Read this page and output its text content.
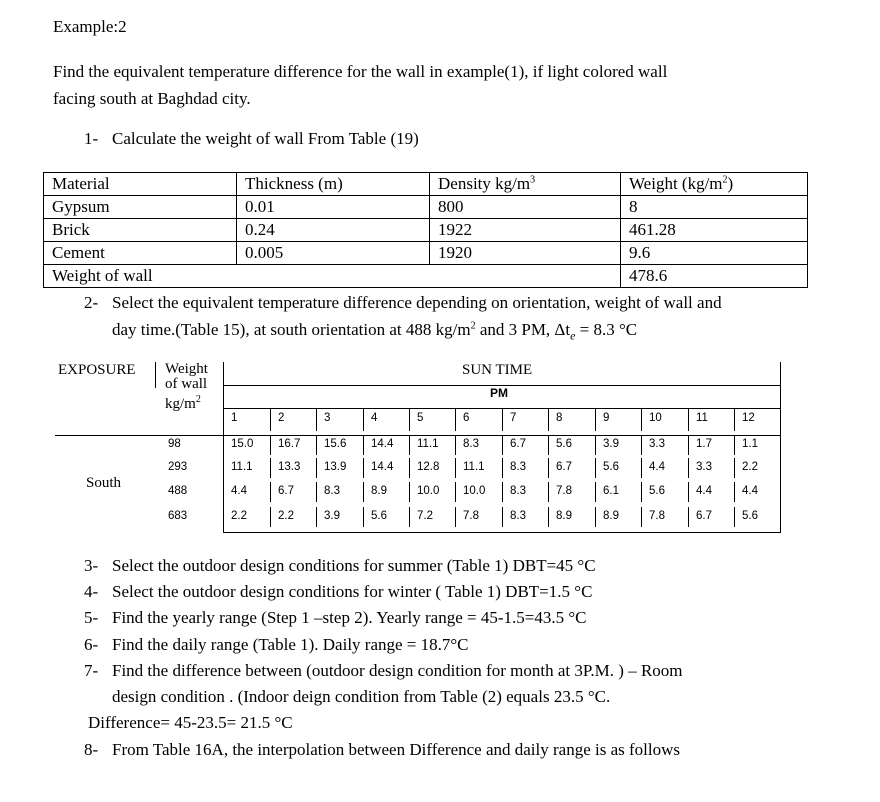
Example:2
Find the equivalent temperature difference for the wall in example(1), if light colored wall
facing south at Baghdad city.
1- Calculate the weight of wall From Table (19)
Material	Thickness (m)	Density $kg/m^3$	Weight $(kg/m^2)$
Gypsum	0.01	800	8
Brick	0.24	1922	461.28
Cement	0.005	1920	9.6
Weight of wall			478.6
2- Select the equivalent temperature difference depending on orientation, weight of wall and
day time.(Table 15), at south orientation at 488 $kg/m^2$ and 3 PM, $\Delta t_e = 8.3$ °C
EXPOSURE Weight
of wall
$kg/m^2$
SUN TIME
PM
1	2	3	4	5	6	7	8	9	10	11	12
98	15.0 16.7 15.6 14.4 11.1 8.3	6.7	5.6	3.9	3.3	1.7	1.1
293	11.1 13.3 13.9 14.4 12.8 11.1 8.3	6.7	5.6	4.4	3.3	2.2
488	4.4	6.7	8.3	8.9	10.0 10.0 8.3	7.8	6.1	5.6	4.4	4.4
683	2.2	2.2	3.9	5.6	7.2	7.8	8.3	8.9	8.9	7.8	6.7	5.6
South
3- Select the outdoor design conditions for summer (Table 1) DBT=45 °C
4- Select the outdoor design conditions for winter ( Table 1) DBT=1.5 °C
5- Find the yearly range (Step 1 –step 2). Yearly range = 45-1.5=43.5 °C
6- Find the daily range (Table 1). Daily range = 18.7°C
7- Find the difference between (outdoor design condition for month at 3P.M. ) – Room
design condition . (Indoor deign condition from Table (2) equals 23.5 °C.
Difference= 45-23.5= 21.5 °C
8- From Table 16A, the interpolation between Difference and daily range is as follows
